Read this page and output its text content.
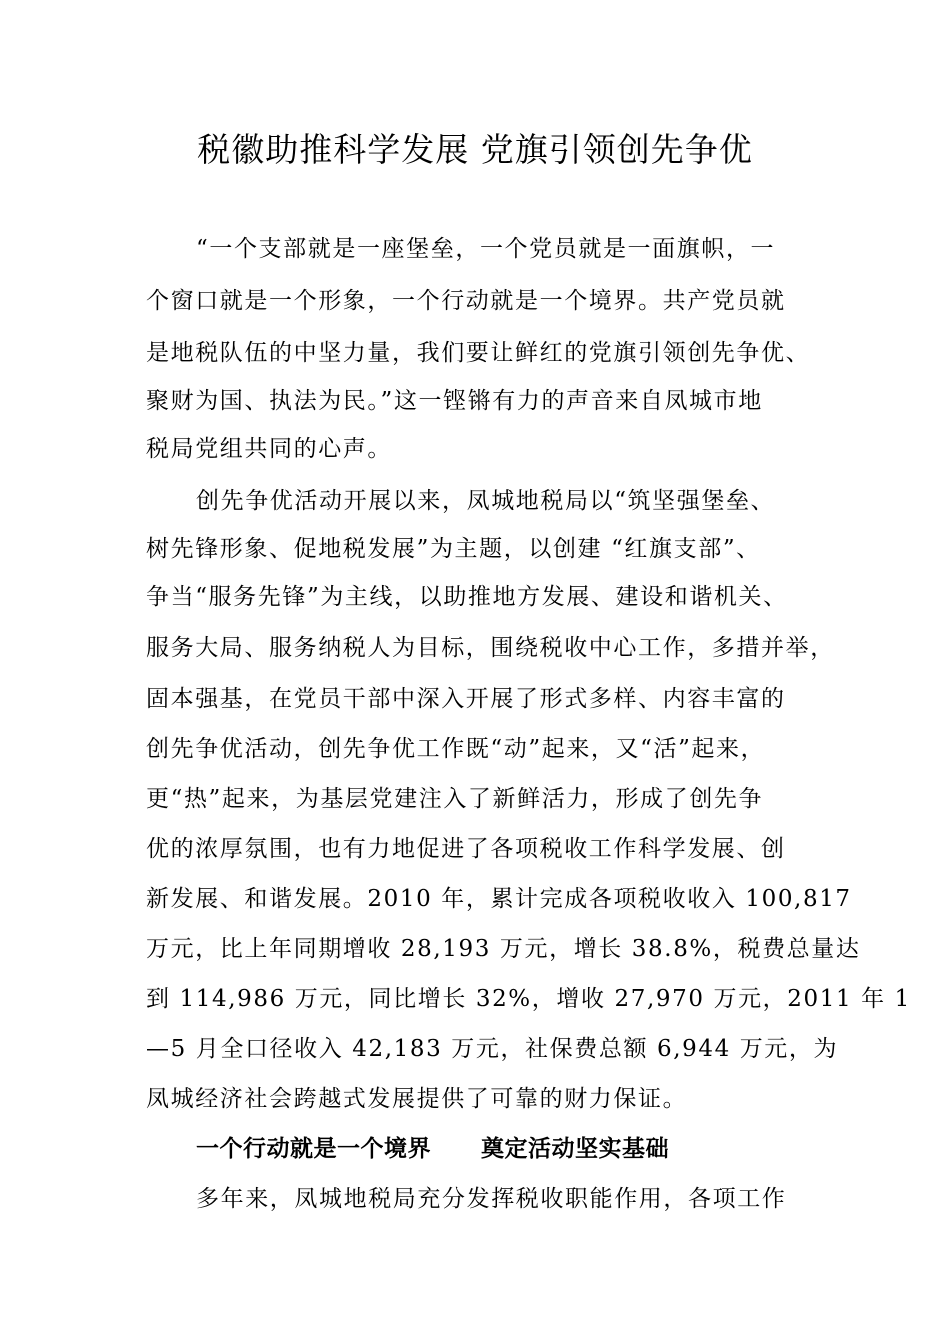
税徽助推科学发展 党旗引领创先争优
“一个支部就是一座堡垒，一个党员就是一面旗帜，一
个窗口就是一个形象，一个行动就是一个境界。共产党员就
是地税队伍的中坚力量，我们要让鲜红的党旗引领创先争优、
聚财为国、执法为民。”这一铿锵有力的声音来自凤城市地
税局党组共同的心声。
创先争优活动开展以来，凤城地税局以“筑坚强堡垒、
树先锋形象、促地税发展”为主题，以创建 “红旗支部”、
争当“服务先锋”为主线，以助推地方发展、建设和谐机关、
服务大局、服务纳税人为目标，围绕税收中心工作，多措并举，
固本强基，在党员干部中深入开展了形式多样、内容丰富的
创先争优活动，创先争优工作既“动”起来，又“活”起来，
更“热”起来，为基层党建注入了新鲜活力，形成了创先争
优的浓厚氛围，也有力地促进了各项税收工作科学发展、创
新发展、和谐发展。2010 年，累计完成各项税收收入 100,817
万元，比上年同期增收 28,193 万元，增长 38.8%，税费总量达
到 114,986 万元，同比增长 32%，增收 27,970 万元，2011 年 1
—5 月全口径收入 42,183 万元，社保费总额 6,944 万元，为
凤城经济社会跨越式发展提供了可靠的财力保证。
一个行动就是一个境界 奠定活动坚实基础
多年来，凤城地税局充分发挥税收职能作用，各项工作
